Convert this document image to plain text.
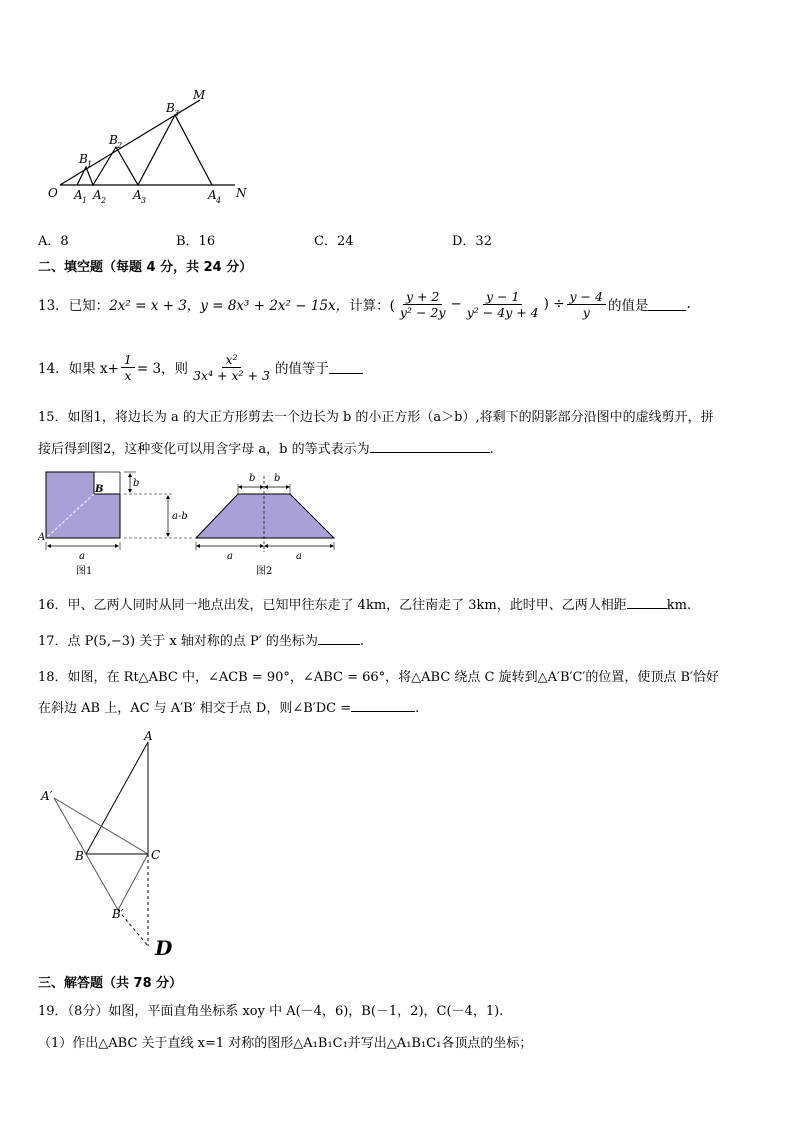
M
N
O
B 1
B 2
B 3
A 1 A 2 A 3	A 4
A．8	B．16	C．24	D．32
二、填空题（每题 4 分，共 24 分）
13．已知： 2x² = x + 3， y = 8x³ + 2x² − 15x， 计算：( $\frac{y + 2}{\text{y² − 2y}} - \frac{y - 1}{\text{y² − 4y + 4}}$ ) ÷ $\frac{y - 4}{y}$ 的值是	.
14．如果 $x+ \frac{1}{x} = 3$，则 $\frac{\text{x²}}{\text{3x⁴ + x² + 3}}$ 的值等于
15．如图1，将边长为 a 的大正方形剪去一个边长为 b 的小正方形（a＞b）,将剩下的阴影部分沿图中的虚线剪开，拼
接后得到图2，这种变化可以用含字母 a，b 的等式表示为	.
B
A
b
a-b
a
图1
b b
a	a
图2
16．甲、乙两人同时从同一地点出发，已知甲往东走了 4km，乙往南走了 3km，此时甲、乙两人相距	km.
17．点 P(5,−3) 关于 x 轴对称的点 P′ 的坐标为	.
18．如图，在 Rt△ABC 中，∠ACB = 90°，∠ABC = 66°，将△ABC 绕点 C 旋转到△A′B′C′的位置，使顶点 B′恰好
在斜边 AB 上，AC 与 A′B′ 相交于点 D，则∠B′DC =	.
A
A′
B	C
B′
D
三、解答题（共 78 分）
19．（8分）如图，平面直角坐标系 xoy 中 A(－4，6)，B(－1，2)，C(－4，1).
（1）作出△ABC 关于直线 x=1 对称的图形△A₁B₁C₁并写出△A₁B₁C₁各顶点的坐标；
